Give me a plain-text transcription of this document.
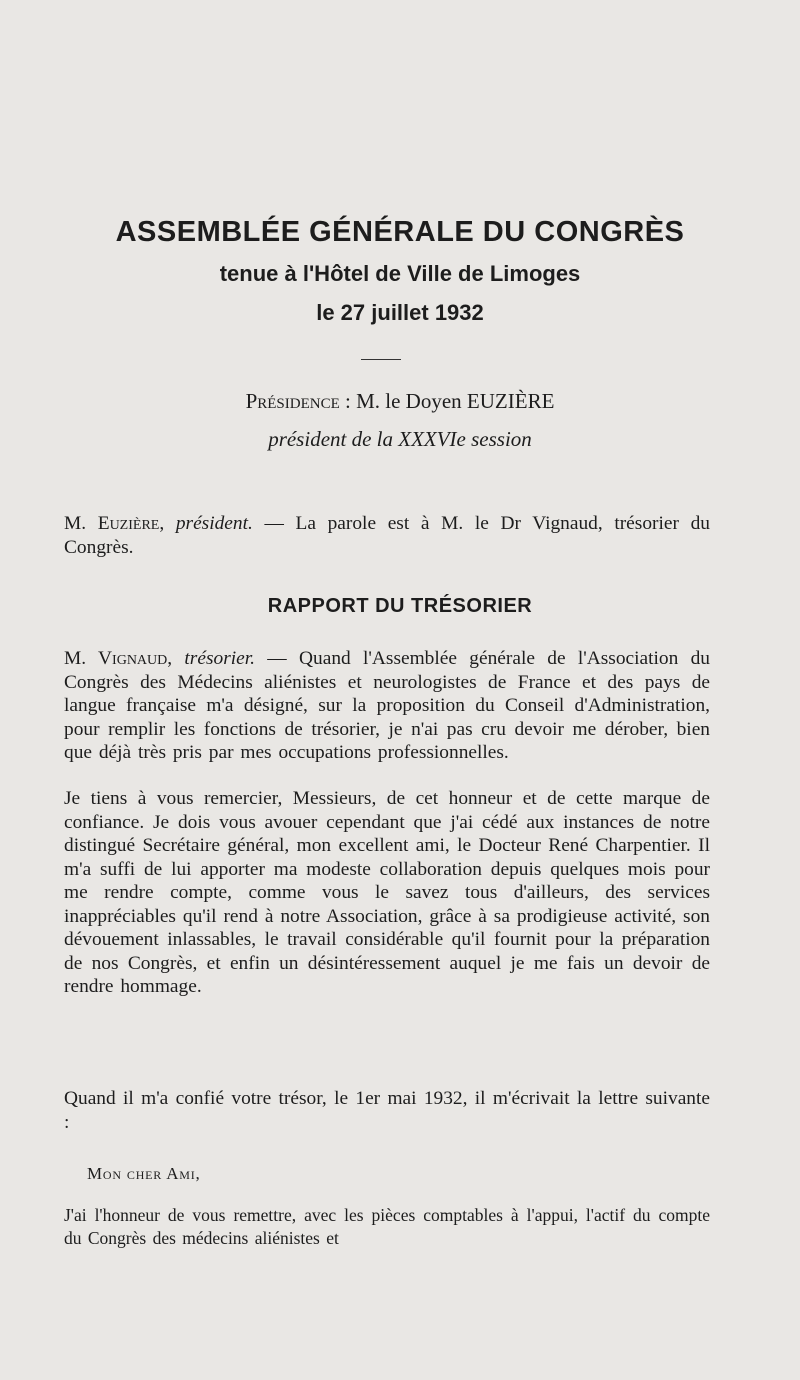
ASSEMBLÉE GÉNÉRALE DU CONGRÈS
tenue à l'Hôtel de Ville de Limoges
le 27 juillet 1932
Présidence : M. le Doyen EUZIÈRE
président de la XXXVIe session
M. Euzière, président. — La parole est à M. le Dr Vignaud, trésorier du Congrès.
RAPPORT DU TRÉSORIER
M. Vignaud, trésorier. — Quand l'Assemblée générale de l'Association du Congrès des Médecins aliénistes et neurologistes de France et des pays de langue française m'a désigné, sur la proposition du Conseil d'Administration, pour remplir les fonctions de trésorier, je n'ai pas cru devoir me dérober, bien que déjà très pris par mes occupations professionnelles.
Je tiens à vous remercier, Messieurs, de cet honneur et de cette marque de confiance. Je dois vous avouer cependant que j'ai cédé aux instances de notre distingué Secrétaire général, mon excellent ami, le Docteur René Charpentier. Il m'a suffi de lui apporter ma modeste collaboration depuis quelques mois pour me rendre compte, comme vous le savez tous d'ailleurs, des services inappréciables qu'il rend à notre Association, grâce à sa prodigieuse activité, son dévouement inlassables, le travail considérable qu'il fournit pour la préparation de nos Congrès, et enfin un désintéressement auquel je me fais un devoir de rendre hommage.
Quand il m'a confié votre trésor, le 1er mai 1932, il m'écrivait la lettre suivante :
Mon cher Ami,
J'ai l'honneur de vous remettre, avec les pièces comptables à l'appui, l'actif du compte du Congrès des médecins aliénistes et
